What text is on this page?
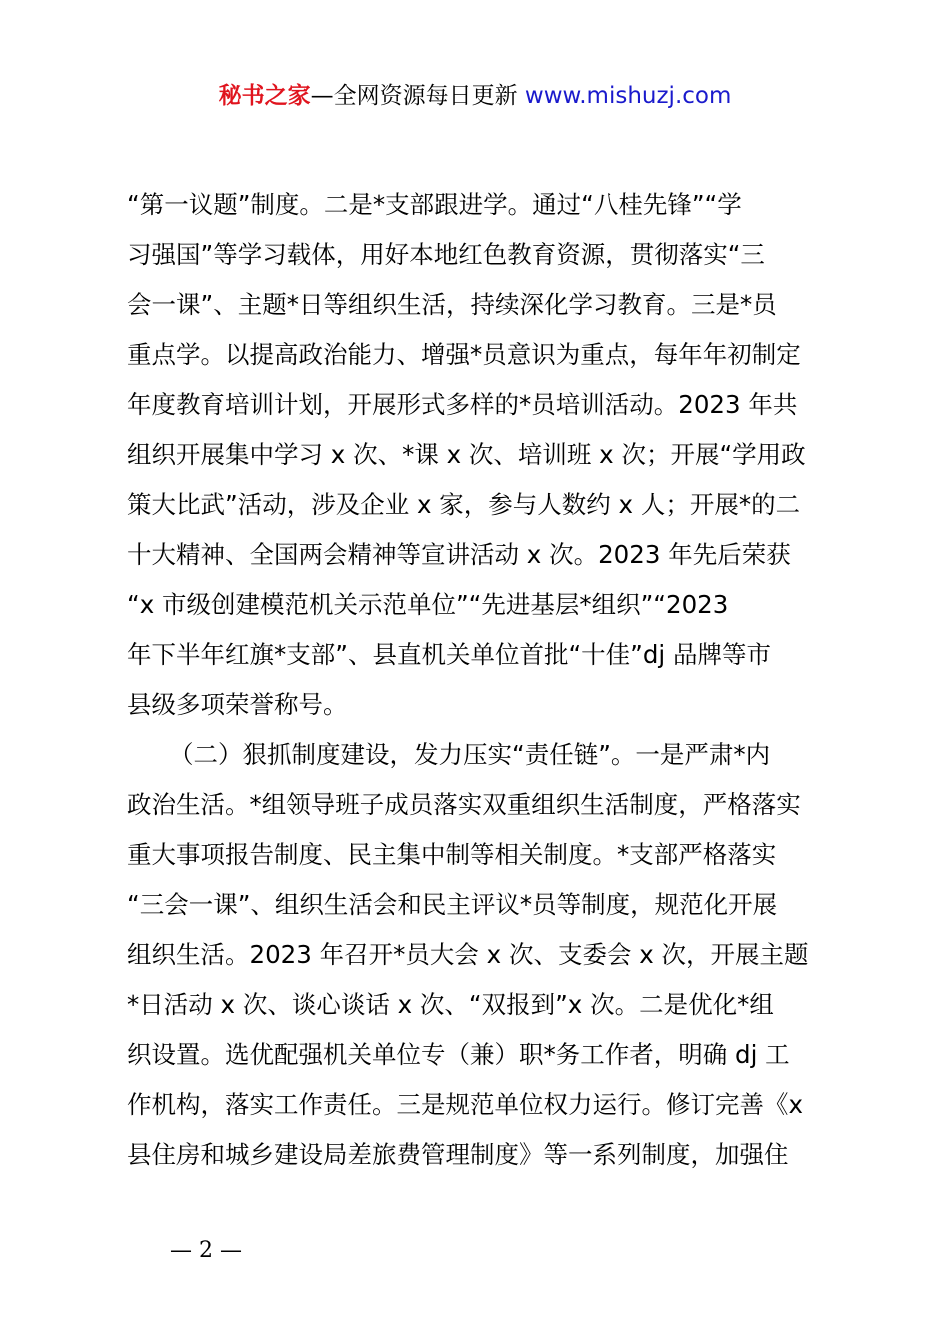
秘书之家—全网资源每日更新 www.mishuzj.com
“第一议题”制度。二是*支部跟进学。通过“八桂先锋”“学
习强国”等学习载体，用好本地红色教育资源，贯彻落实“三
会一课”、主题*日等组织生活，持续深化学习教育。三是*员
重点学。以提高政治能力、增强*员意识为重点，每年年初制定
年度教育培训计划，开展形式多样的*员培训活动。2023 年共
组织开展集中学习 x 次、*课 x 次、培训班 x 次；开展“学用政
策大比武”活动，涉及企业 x 家，参与人数约 x 人；开展*的二
十大精神、全国两会精神等宣讲活动 x 次。2023 年先后荣获
“x 市级创建模范机关示范单位”“先进基层*组织”“2023
年下半年红旗*支部”、县直机关单位首批“十佳”dj 品牌等市
县级多项荣誉称号。
（二）狠抓制度建设，发力压实“责任链”。一是严肃*内
政治生活。*组领导班子成员落实双重组织生活制度，严格落实
重大事项报告制度、民主集中制等相关制度。*支部严格落实
“三会一课”、组织生活会和民主评议*员等制度，规范化开展
组织生活。2023 年召开*员大会 x 次、支委会 x 次，开展主题
*日活动 x 次、谈心谈话 x 次、“双报到”x 次。二是优化*组
织设置。选优配强机关单位专（兼）职*务工作者，明确 dj 工
作机构，落实工作责任。三是规范单位权力运行。修订完善《x
县住房和城乡建设局差旅费管理制度》等一系列制度，加强住
— 2 —
